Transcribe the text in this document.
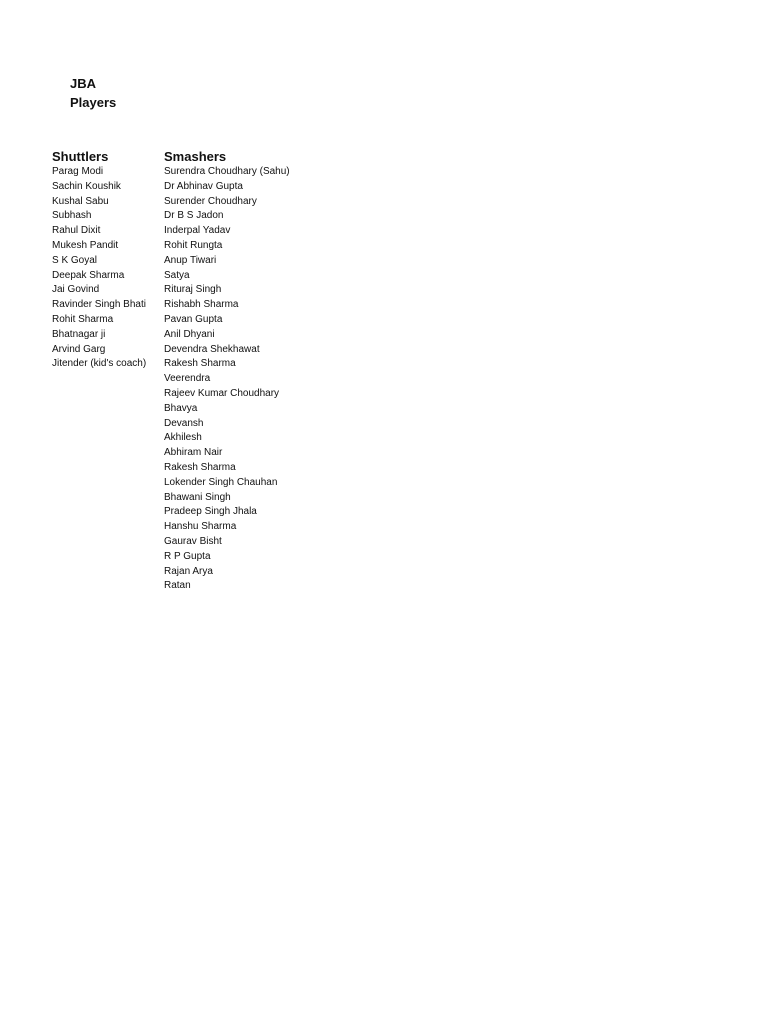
JBA
Players
Shuttlers
Parag Modi
Sachin Koushik
Kushal Sabu
Subhash
Rahul Dixit
Mukesh Pandit
S K Goyal
Deepak Sharma
Jai Govind
Ravinder Singh Bhati
Rohit Sharma
Bhatnagar ji
Arvind Garg
Jitender (kid's coach)
Smashers
Surendra Choudhary (Sahu)
Dr Abhinav Gupta
Surender Choudhary
Dr B S Jadon
Inderpal Yadav
Rohit Rungta
Anup Tiwari
Satya
Rituraj Singh
Rishabh Sharma
Pavan Gupta
Anil Dhyani
Devendra Shekhawat
Rakesh Sharma
Veerendra
Rajeev Kumar Choudhary
Bhavya
Devansh
Akhilesh
Abhiram Nair
Rakesh Sharma
Lokender Singh Chauhan
Bhawani Singh
Pradeep Singh Jhala
Hanshu Sharma
Gaurav Bisht
R P Gupta
Rajan Arya
Ratan
